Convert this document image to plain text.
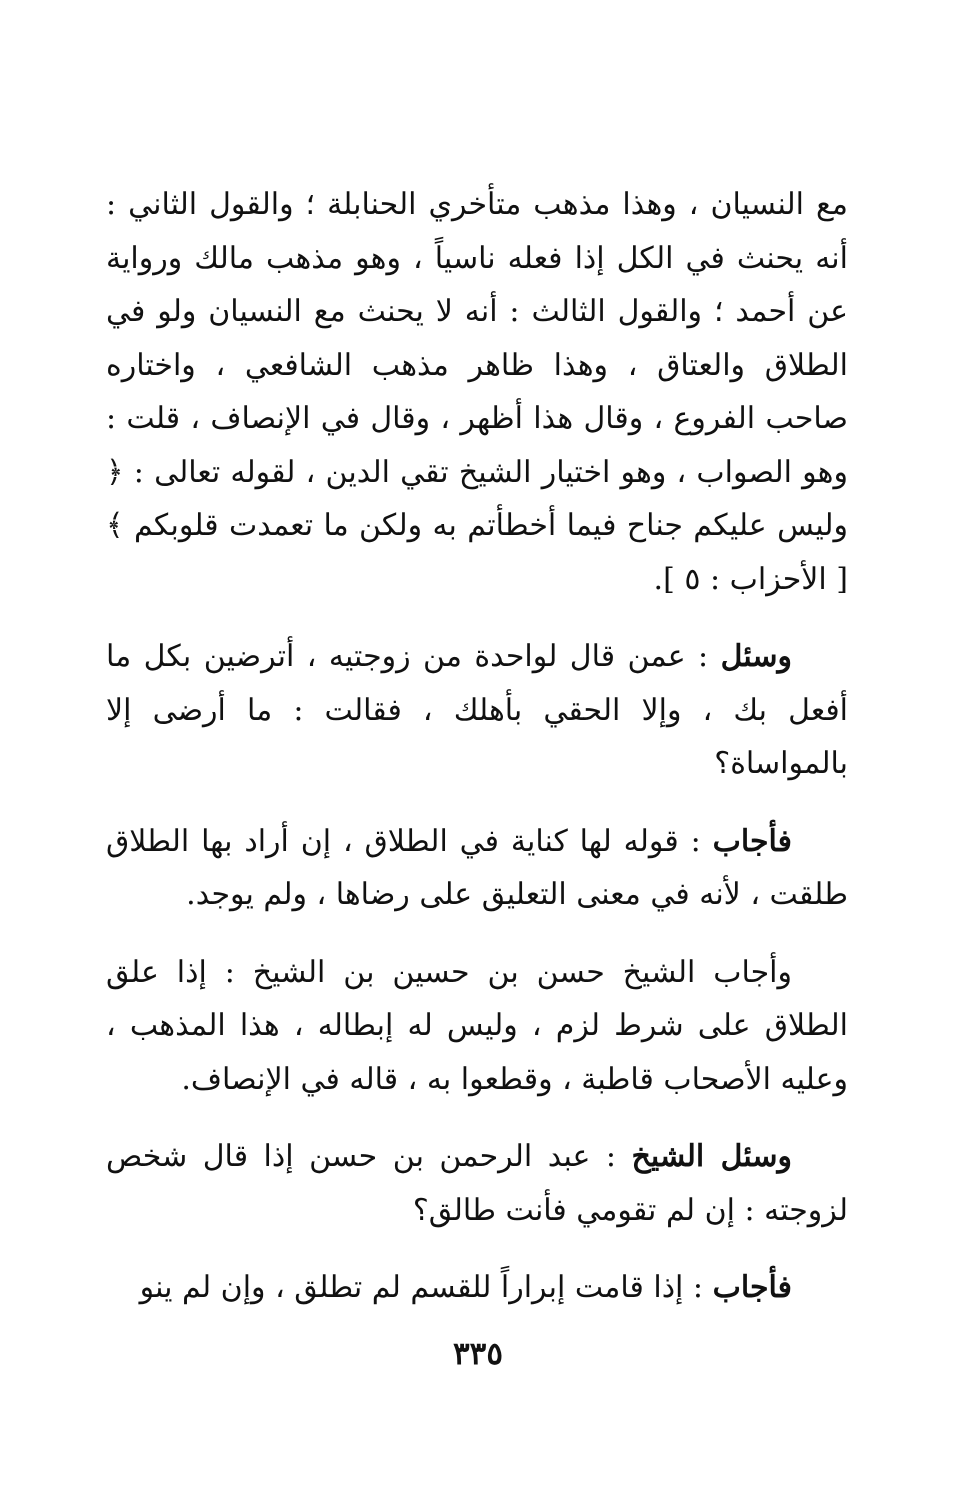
مع النسيان ، وهذا مذهب متأخري الحنابلة ؛ والقول الثاني : أنه يحنث في الكل إذا فعله ناسياً ، وهو مذهب مالك ورواية عن أحمد ؛ والقول الثالث : أنه لا يحنث مع النسيان ولو في الطلاق والعتاق ، وهذا ظاهر مذهب الشافعي ، واختاره صاحب الفروع ، وقال هذا أظهر ، وقال في الإنصاف ، قلت : وهو الصواب ، وهو اختيار الشيخ تقي الدين ، لقوله تعالى : ﴿ وليس عليكم جناح فيما أخطأتم به ولكن ما تعمدت قلوبكم ﴾ [ الأحزاب : ٥ ].

وسئل : عمن قال لواحدة من زوجتيه ، أترضين بكل ما أفعل بك ، وإلا الحقي بأهلك ، فقالت : ما أرضى إلا بالمواساة؟

فأجاب : قوله لها كناية في الطلاق ، إن أراد بها الطلاق طلقت ، لأنه في معنى التعليق على رضاها ، ولم يوجد.

وأجاب الشيخ حسن بن حسين بن الشيخ : إذا علق الطلاق على شرط لزم ، وليس له إبطاله ، هذا المذهب ، وعليه الأصحاب قاطبة ، وقطعوا به ، قاله في الإنصاف.

وسئل الشيخ : عبد الرحمن بن حسن إذا قال شخص لزوجته : إن لم تقومي فأنت طالق؟

فأجاب : إذا قامت إبراراً للقسم لم تطلق ، وإن لم ينو

٣٣٥
